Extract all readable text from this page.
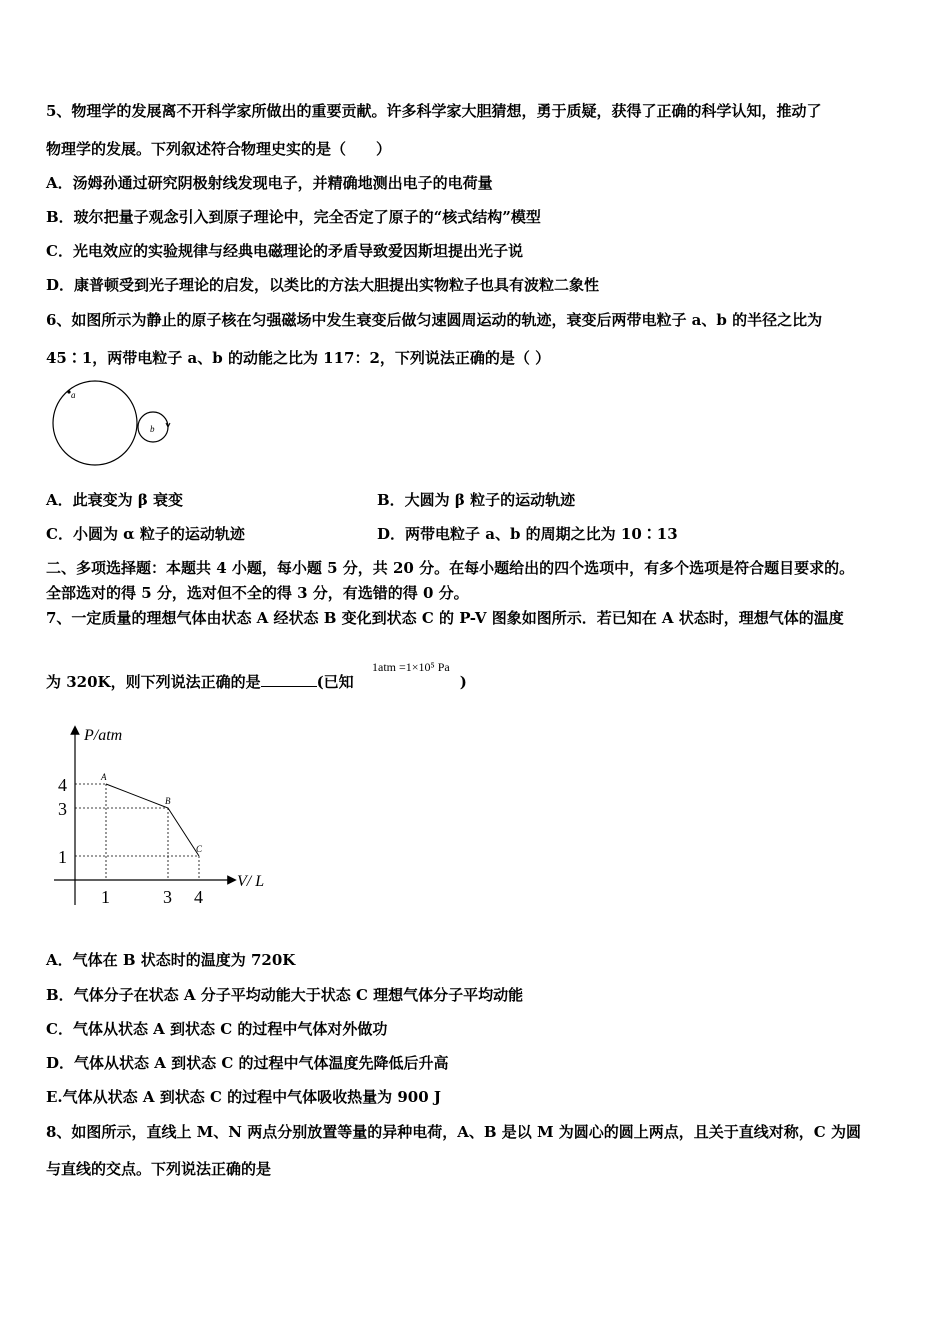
5、物理学的发展离不开科学家所做出的重要贡献。许多科学家大胆猜想，勇于质疑，获得了正确的科学认知，推动了
物理学的发展。下列叙述符合物理史实的是（　　）
A．汤姆孙通过研究阴极射线发现电子，并精确地测出电子的电荷量
B．玻尔把量子观念引入到原子理论中，完全否定了原子的“核式结构”模型
C．光电效应的实验规律与经典电磁理论的矛盾导致爱因斯坦提出光子说
D．康普顿受到光子理论的启发，以类比的方法大胆提出实物粒子也具有波粒二象性
6、如图所示为静止的原子核在匀强磁场中发生衰变后做匀速圆周运动的轨迹，衰变后两带电粒子 a、b 的半径之比为
45∶1，两带电粒子 a、b 的动能之比为 117：2，下列说法正确的是（ ）
a
b
A．此衰变为 β 衰变	B．大圆为 β 粒子的运动轨迹
C．小圆为 α 粒子的运动轨迹	D．两带电粒子 a、b 的周期之比为 10∶13
二、多项选择题：本题共 4 小题，每小题 5 分，共 20 分。在每小题给出的四个选项中，有多个选项是符合题目要求的。
全部选对的得 5 分，选对但不全的得 3 分，有选错的得 0 分。
7、一定质量的理想气体由状态 A 经状态 B 变化到状态 C 的 P-V 图象如图所示．若已知在 A 状态时，理想气体的温度
为 320K，则下列说法正确的是	(已知	)
1atm =1×10⁵ Pa
P/atm
V/ L
A
B
C
4
3
1
1	3 4
A．气体在 B 状态时的温度为 720K
B．气体分子在状态 A 分子平均动能大于状态 C 理想气体分子平均动能
C．气体从状态 A 到状态 C 的过程中气体对外做功
D．气体从状态 A 到状态 C 的过程中气体温度先降低后升高
E.气体从状态 A 到状态 C 的过程中气体吸收热量为 900 J
8、如图所示，直线上 M、N 两点分别放置等量的异种电荷，A、B 是以 M 为圆心的圆上两点，且关于直线对称，C 为圆
与直线的交点。下列说法正确的是
